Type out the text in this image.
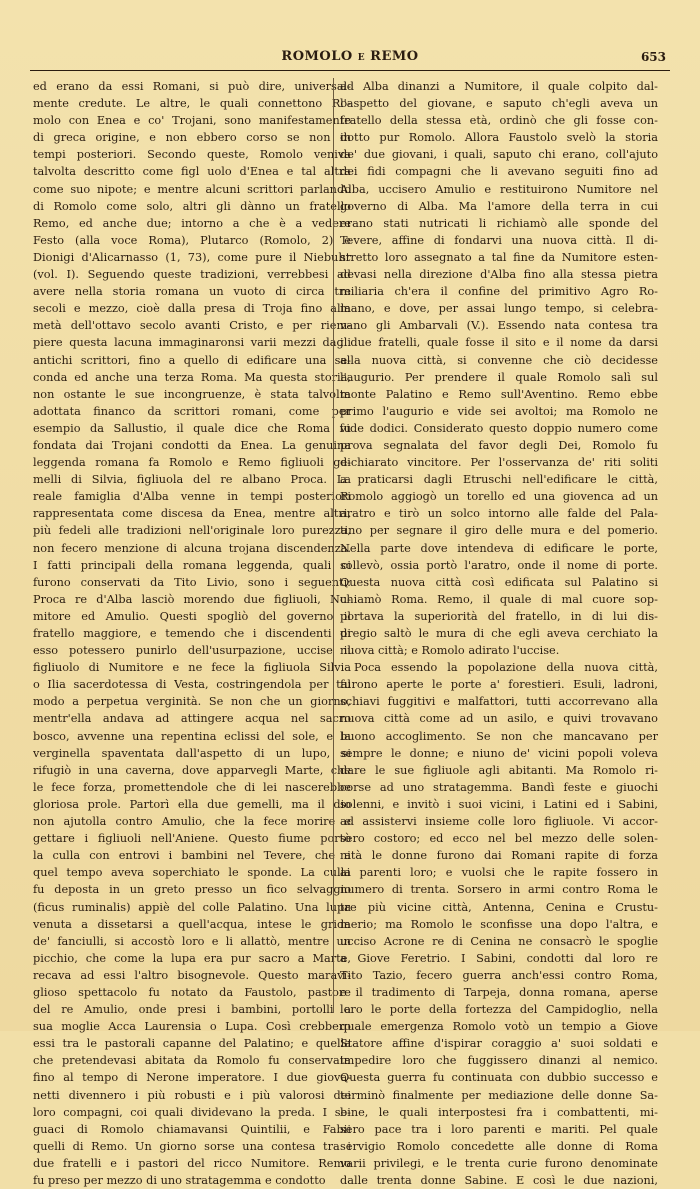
ROMOLO E REMO	653
ed erano da essi Romani, si può dire, universal-
mente credute. Le altre, le quali connettono Ro-
molo con Enea e co' Trojani, sono manifestamente
di greca origine, e non ebbero corso se non in
tempi posteriori. Secondo queste, Romolo veniva
talvolta descritto come figl uolo d'Enea e tal altra
come suo nipote; e mentre alcuni scrittori parlando
di Romolo come solo, altri gli dànno un fratello
Remo, ed anche due; intorno a che è a vedere
Festo (alla voce Roma), Plutarco (Romolo, 2) e
Dionigi d'Alicarnasso (1, 73), come pure il Niebuhr
(vol. I). Seguendo queste tradizioni, verrebbesi ad
avere nella storia romana un vuoto di circa tre
secoli e mezzo, cioè dalla presa di Troja fino alla
metà dell'ottavo secolo avanti Cristo, e per riem-
piere questa lacuna immaginaronsi varii mezzi dagli
antichi scrittori, fino a quello di edificare una se-
conda ed anche una terza Roma. Ma questa storia,
non ostante le sue incongruenze, è stata talvolta
adottata financo da scrittori romani, come per
esempio da Sallustio, il quale dice che Roma fu
fondata dai Trojani condotti da Enea. La genuina
leggenda romana fa Romolo e Remo figliuoli ge-
melli di Silvia, figliuola del re albano Proca. La
reale famiglia d'Alba venne in tempi posteriori
rappresentata come discesa da Enea, mentre altri,
più fedeli alle tradizioni nell'originale loro purezza,
non fecero menzione di alcuna trojana discendenza.
I fatti principali della romana leggenda, quali ci
furono conservati da Tito Livio, sono i seguenti:
Proca re d'Alba lasciò morendo due figliuoli, Nu-
mitore ed Amulio. Questi spogliò del governo il
fratello maggiore, e temendo che i discendenti di
esso potessero punirlo dell'usurpazione, uccise il
figliuolo di Numitore e ne fece la figliuola Silvia
o Ilia sacerdotessa di Vesta, costringendola per tal
modo a perpetua verginità. Se non che un giorno,
mentr'ella andava ad attingere acqua nel sacro
bosco, avvenne una repentina eclissi del sole, e la
verginella spaventata dall'aspetto di un lupo, si
rifugiò in una caverna, dove apparvegli Marte, che
le fece forza, promettendole che di lei nascerebbe
gloriosa prole. Partorì ella due gemelli, ma il dio
non ajutolla contro Amulio, che la fece morire e
gettare i figliuoli nell'Aniene. Questo fiume portò
la culla con entrovi i bambini nel Tevere, che a
quel tempo aveva soperchiato le sponde. La culla
fu deposta in un greto presso un fico selvaggio
(ficus ruminalis) appiè del colle Palatino. Una lupa
venuta a dissetarsi a quell'acqua, intese le grida
de' fanciulli, si accostò loro e li allattò, mentre un
picchio, che come la lupa era pur sacro a Marte,
recava ad essi l'altro bisognevole. Questo maravi-
glioso spettacolo fu notato da Faustolo, pastore
del re Amulio, onde presi i bambini, portolli a
sua moglie Acca Laurensia o Lupa. Così crebbero
essi tra le pastorali capanne del Palatino; e quella
che pretendevasi abitata da Romolo fu conservata
fino al tempo di Nerone imperatore. I due giova-
netti divennero i più robusti e i più valorosi dei
loro compagni, coi quali dividevano la preda. I se-
guaci di Romolo chiamavansi Quintilii, e Fabii
quelli di Remo. Un giorno sorse una contesa tra i
due fratelli e i pastori del ricco Numitore. Remo
fu preso per mezzo di uno stratagemma e condotto
ad Alba dinanzi a Numitore, il quale colpito dal-
l'aspetto del giovane, e saputo ch'egli aveva un
fratello della stessa età, ordinò che gli fosse con-
dotto pur Romolo. Allora Faustolo svelò la storia
de' due giovani, i quali, saputo chi erano, coll'ajuto
dei fidi compagni che li avevano seguiti fino ad
Alba, uccisero Amulio e restituirono Numitore nel
governo di Alba. Ma l'amore della terra in cui
erano stati nutricati li richiamò alle sponde del
Tevere, affine di fondarvi una nuova città. Il di-
stretto loro assegnato a tal fine da Numitore esten-
devasi nella direzione d'Alba fino alla stessa pietra
miliaria ch'era il confine del primitivo Agro Ro-
mano, e dove, per assai lungo tempo, si celebra-
vano gli Ambarvali (V.). Essendo nata contesa tra
i due fratelli, quale fosse il sito e il nome da darsi
alla nuova città, si convenne che ciò decidesse
l'augurio. Per prendere il quale Romolo salì sul
monte Palatino e Remo sull'Aventino. Remo ebbe
primo l'augurio e vide sei avoltoi; ma Romolo ne
vide dodici. Considerato questo doppio numero come
prova segnalata del favor degli Dei, Romolo fu
dichiarato vincitore. Per l'osservanza de' riti soliti
a praticarsi dagli Etruschi nell'edificare le città,
Romolo aggiogò un torello ed una giovenca ad un
aratro e tirò un solco intorno alle falde del Pala-
tino per segnare il giro delle mura e del pomerio.
Nella parte dove intendeva di edificare le porte,
sollevò, ossia portò l'aratro, onde il nome di porte.
Questa nuova città così edificata sul Palatino si
chiamò Roma. Remo, il quale di mal cuore sop-
portava la superiorità del fratello, in di lui dis-
pregio saltò le mura di che egli aveva cerchiato la
nuova città; e Romolo adirato l'uccise.
Poca essendo la popolazione della nuova città,
furono aperte le porte a' forestieri. Esuli, ladroni,
schiavi fuggitivi e malfattori, tutti accorrevano alla
nuova città come ad un asilo, e quivi trovavano
buono accoglimento. Se non che mancavano per
sempre le donne; e niuno de' vicini popoli voleva
dare le sue figliuole agli abitanti. Ma Romolo ri-
corse ad uno stratagemma. Bandì feste e giuochi
solenni, e invitò i suoi vicini, i Latini ed i Sabini,
ad assistervi insieme colle loro figliuole. Vi accor-
sero costoro; ed ecco nel bel mezzo delle solen-
nità le donne furono dai Romani rapite di forza
ai parenti loro; e vuolsi che le rapite fossero in
numero di trenta. Sorsero in armi contro Roma le
tre più vicine città, Antenna, Cenina e Crustu-
merio; ma Romolo le sconfisse una dopo l'altra, e
ucciso Acrone re di Cenina ne consacrò le spoglie
a Giove Feretrio. I Sabini, condotti dal loro re
Tito Tazio, fecero guerra anch'essi contro Roma,
e il tradimento di Tarpeja, donna romana, aperse
loro le porte della fortezza del Campidoglio, nella
quale emergenza Romolo votò un tempio a Giove
Statore affine d'ispirar coraggio a' suoi soldati e
impedire loro che fuggissero dinanzi al nemico.
Questa guerra fu continuata con dubbio successo e
terminò finalmente per mediazione delle donne Sa-
bine, le quali interpostesi fra i combattenti, mi-
sero pace tra i loro parenti e mariti. Pel quale
servigio Romolo concedette alle donne di Roma
varii privilegi, e le trenta curie furono denominate
dalle trenta donne Sabine. E così le due nazioni,
